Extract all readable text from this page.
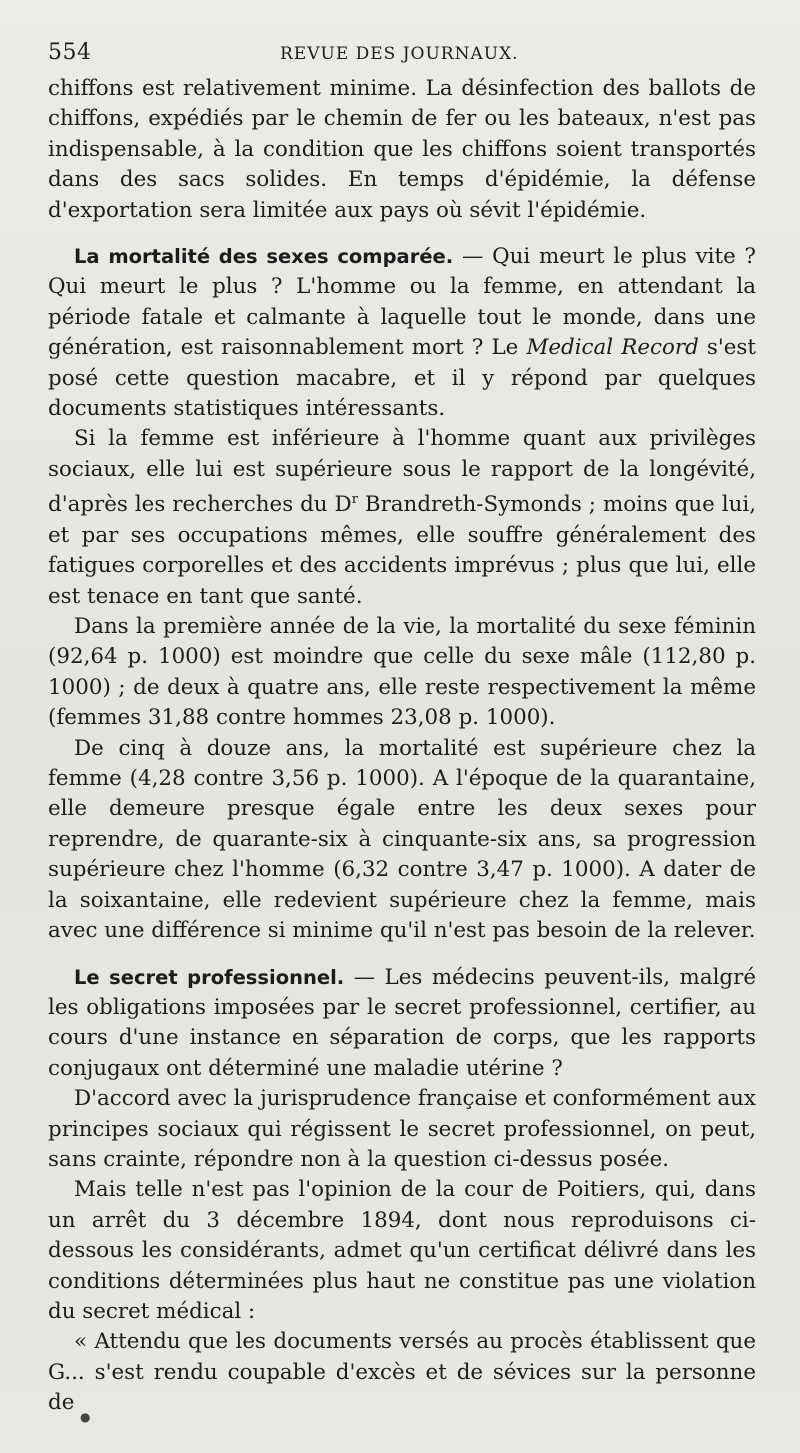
554	REVUE DES JOURNAUX.

chiffons est relativement minime. La désinfection des ballots de chiffons, expédiés par le chemin de fer ou les bateaux, n'est pas indispensable, à la condition que les chiffons soient transportés dans des sacs solides. En temps d'épidémie, la défense d'exportation sera limitée aux pays où sévit l'épidémie.

La mortalité des sexes comparée. — Qui meurt le plus vite ? Qui meurt le plus ? L'homme ou la femme, en attendant la période fatale et calmante à laquelle tout le monde, dans une génération, est raisonnablement mort ? Le Medical Record s'est posé cette question macabre, et il y répond par quelques documents statistiques intéressants.

Si la femme est inférieure à l'homme quant aux privilèges sociaux, elle lui est supérieure sous le rapport de la longévité, d'après les recherches du $D^r$ Brandreth-Symonds ; moins que lui, et par ses occupations mêmes, elle souffre généralement des fatigues corporelles et des accidents imprévus ; plus que lui, elle est tenace en tant que santé.

Dans la première année de la vie, la mortalité du sexe féminin (92,64 p. 1000) est moindre que celle du sexe mâle (112,80 p. 1000) ; de deux à quatre ans, elle reste respectivement la même (femmes 31,88 contre hommes 23,08 p. 1000).

De cinq à douze ans, la mortalité est supérieure chez la femme (4,28 contre 3,56 p. 1000). A l'époque de la quarantaine, elle demeure presque égale entre les deux sexes pour reprendre, de quarante-six à cinquante-six ans, sa progression supérieure chez l'homme (6,32 contre 3,47 p. 1000). A dater de la soixantaine, elle redevient supérieure chez la femme, mais avec une différence si minime qu'il n'est pas besoin de la relever.

Le secret professionnel. — Les médecins peuvent-ils, malgré les obligations imposées par le secret professionnel, certifier, au cours d'une instance en séparation de corps, que les rapports conjugaux ont déterminé une maladie utérine ?

D'accord avec la jurisprudence française et conformément aux principes sociaux qui régissent le secret professionnel, on peut, sans crainte, répondre non à la question ci-dessus posée.

Mais telle n'est pas l'opinion de la cour de Poitiers, qui, dans un arrêt du 3 décembre 1894, dont nous reproduisons ci-dessous les considérants, admet qu'un certificat délivré dans les conditions déterminées plus haut ne constitue pas une violation du secret médical :

« Attendu que les documents versés au procès établissent que G... s'est rendu coupable d'excès et de sévices sur la personne de

●
